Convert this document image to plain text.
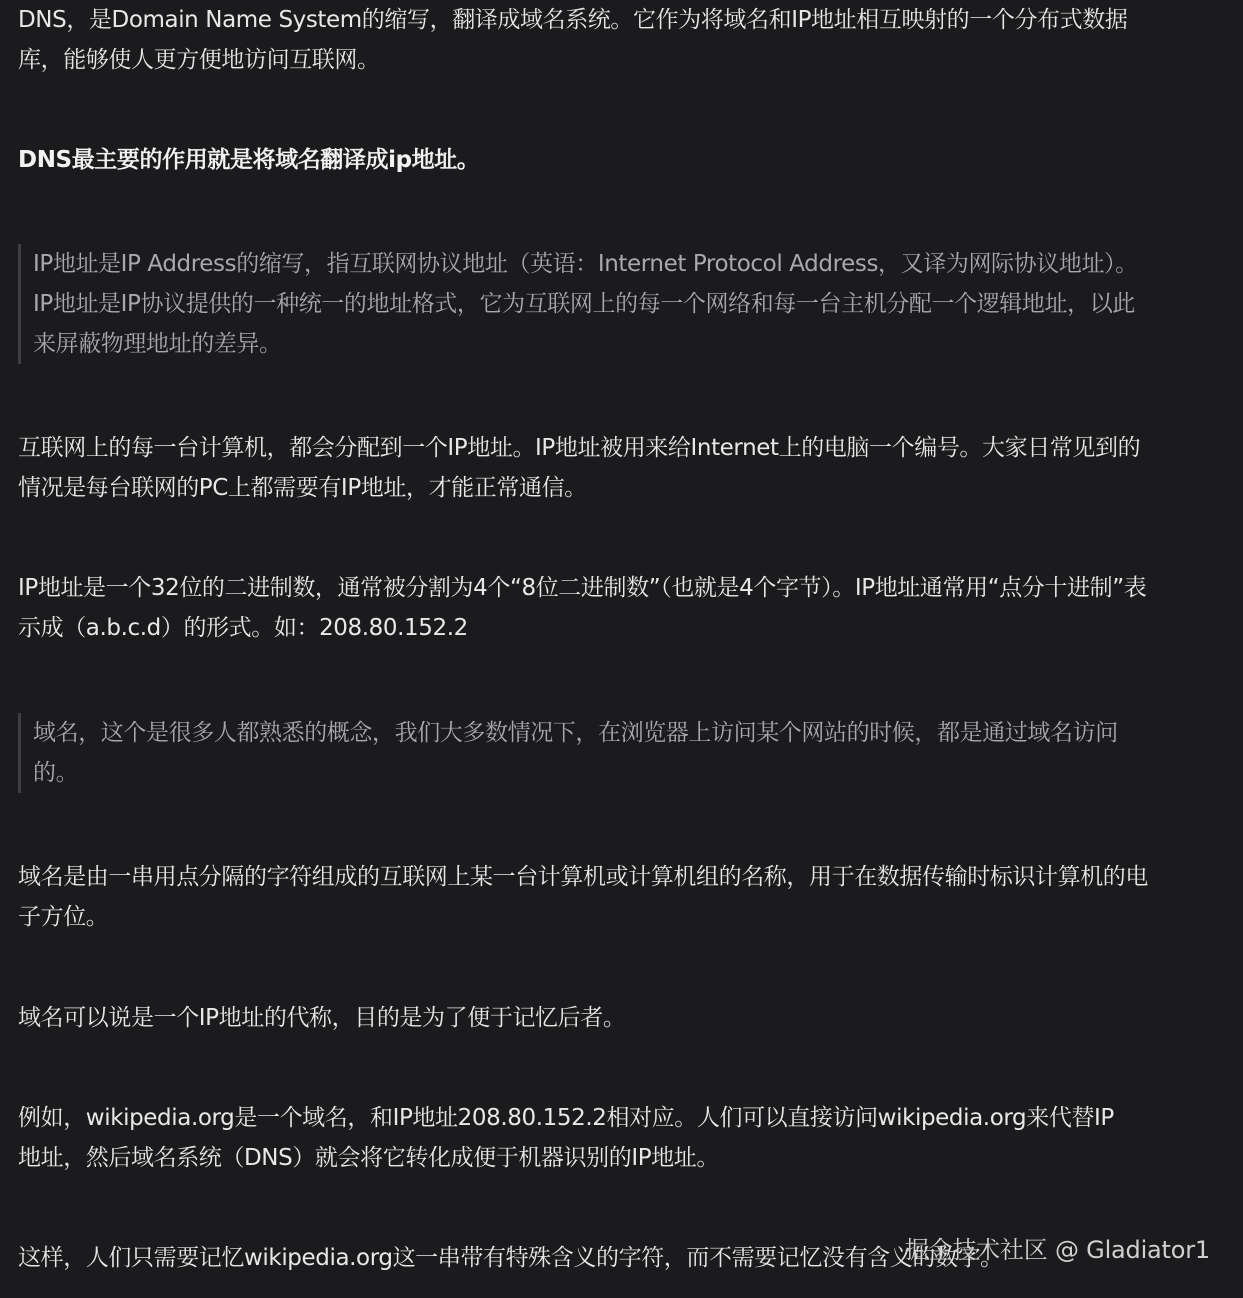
DNS，是Domain Name System的缩写，翻译成域名系统。它作为将域名和IP地址相互映射的一个分布式数据库，能够使人更方便地访问互联网。

DNS最主要的作用就是将域名翻译成ip地址。

IP地址是IP Address的缩写，指互联网协议地址（英语：Internet Protocol Address，又译为网际协议地址）。IP地址是IP协议提供的一种统一的地址格式，它为互联网上的每一个网络和每一台主机分配一个逻辑地址，以此来屏蔽物理地址的差异。

互联网上的每一台计算机，都会分配到一个IP地址。IP地址被用来给Internet上的电脑一个编号。大家日常见到的情况是每台联网的PC上都需要有IP地址，才能正常通信。

IP地址是一个32位的二进制数，通常被分割为4个“8位二进制数”（也就是4个字节）。IP地址通常用“点分十进制”表示成（a.b.c.d）的形式。如：208.80.152.2

域名，这个是很多人都熟悉的概念，我们大多数情况下，在浏览器上访问某个网站的时候，都是通过域名访问的。

域名是由一串用点分隔的字符组成的互联网上某一台计算机或计算机组的名称，用于在数据传输时标识计算机的电子方位。

域名可以说是一个IP地址的代称，目的是为了便于记忆后者。

例如，wikipedia.org是一个域名，和IP地址208.80.152.2相对应。人们可以直接访问wikipedia.org来代替IP地址，然后域名系统（DNS）就会将它转化成便于机器识别的IP地址。

这样，人们只需要记忆wikipedia.org这一串带有特殊含义的字符，而不需要记忆没有含义的数字。

掘金技术社区 @ Gladiator1
